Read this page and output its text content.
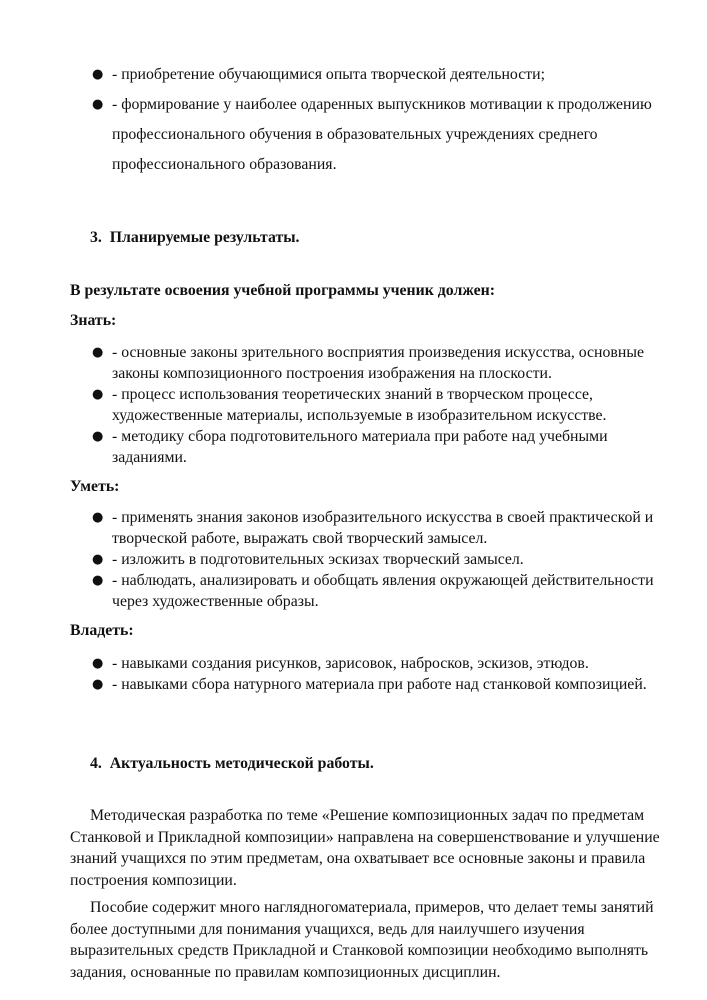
● - приобретение обучающимися опыта творческой деятельности;
● - формирование у наиболее одаренных выпускников мотивации к продолжению профессионального обучения в образовательных учреждениях среднего профессионального образования.
3. Планируемые результаты.
В результате освоения учебной программы ученик должен:
Знать:
● - основные законы зрительного восприятия произведения искусства, основные законы композиционного построения изображения на плоскости.
● - процесс использования теоретических знаний в творческом процессе, художественные материалы, используемые в изобразительном искусстве.
● - методику сбора подготовительного материала при работе над учебными заданиями.
Уметь:
● - применять знания законов изобразительного искусства в своей практической и творческой работе, выражать свой творческий замысел.
● - изложить в подготовительных эскизах творческий замысел.
● - наблюдать, анализировать и обобщать явления окружающей действительности через художественные образы.
Владеть:
● - навыками создания рисунков, зарисовок, набросков, эскизов, этюдов.
● - навыками сбора натурного материала при работе над станковой композицией.
4. Актуальность методической работы.

Методическая разработка по теме «Решение композиционных задач по предметам Станковой и Прикладной композиции» направлена на совершенствование и улучшение знаний учащихся по этим предметам, она охватывает все основные законы и правила построения композиции.

Пособие содержит много наглядногоматериала, примеров, что делает темы занятий более доступными для понимания учащихся, ведь для наилучшего изучения выразительных средств Прикладной и Станковой композиции необходимо выполнять задания, основанные по правилам композиционных дисциплин.
